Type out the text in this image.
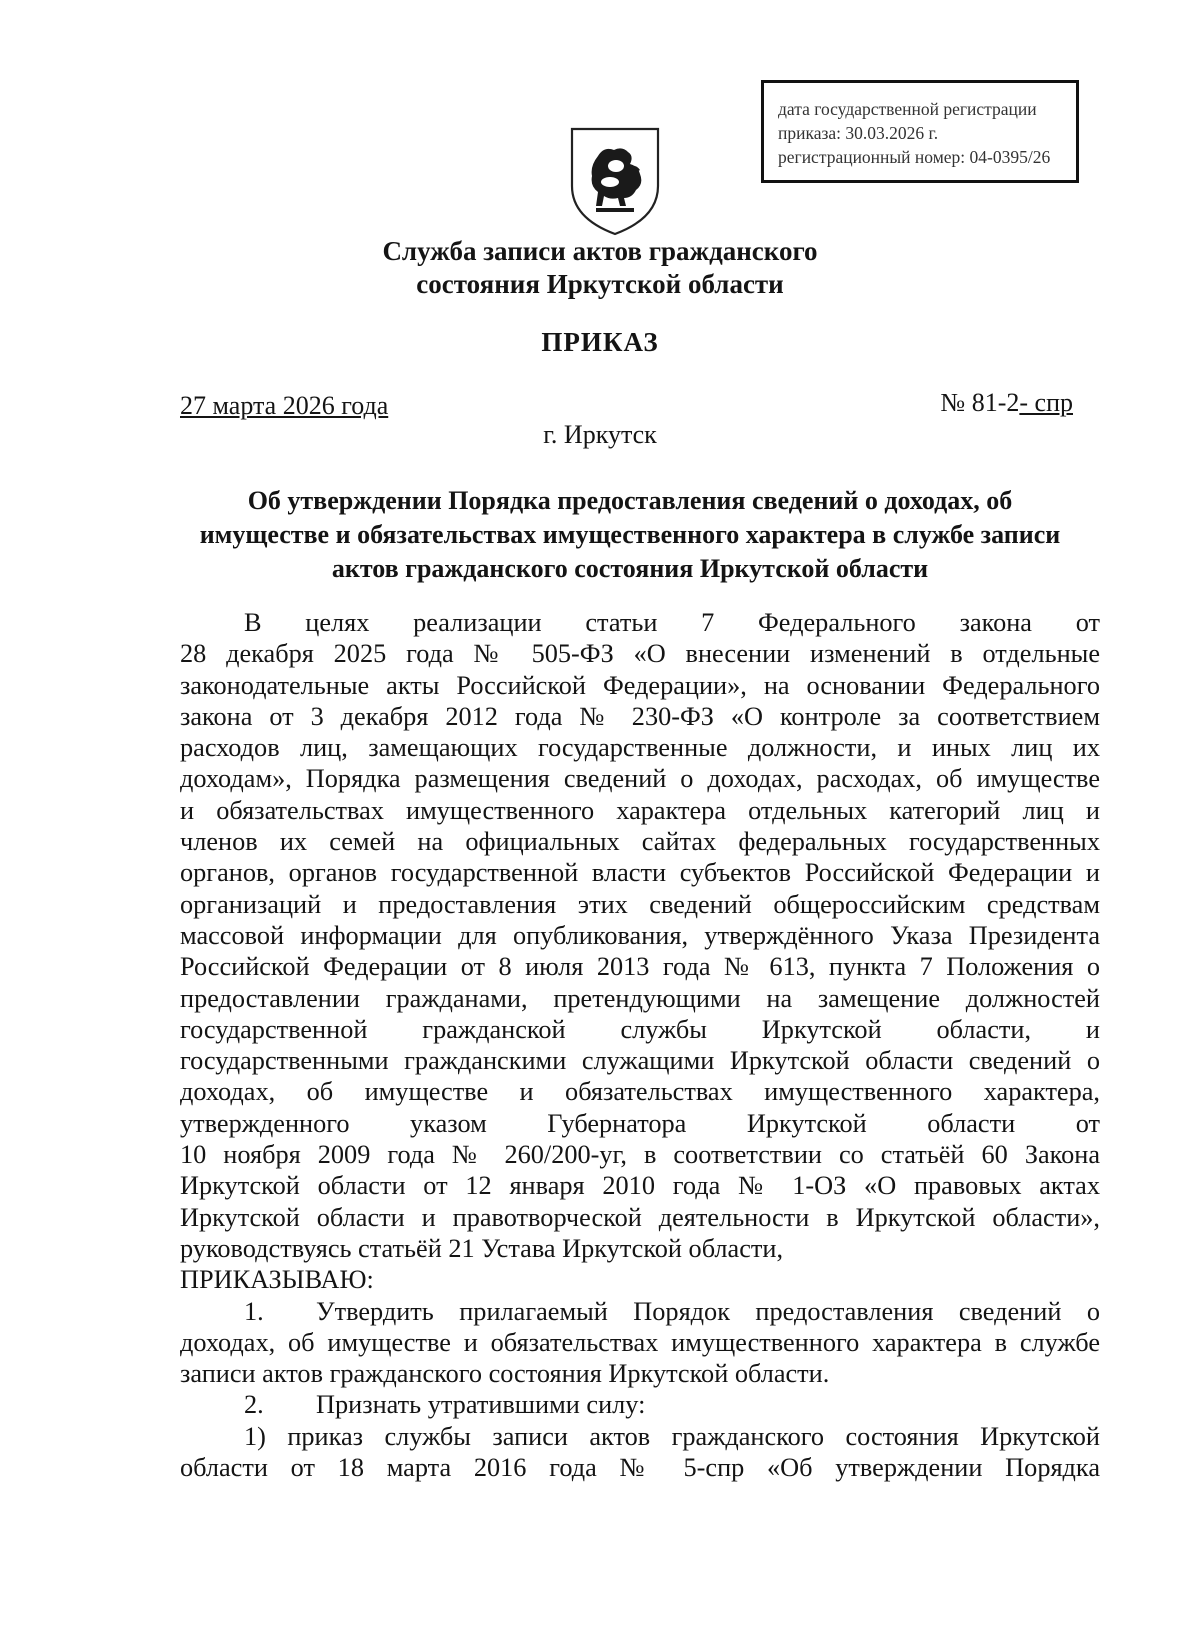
дата государственной регистрации
приказа: 30.03.2026 г.
регистрационный номер: 04-0395/26
Служба записи актов гражданского
состояния Иркутской области
ПРИКАЗ
27 марта 2026 года	№ 81-2- спр
г. Иркутск
Об утверждении Порядка предоставления сведений о доходах, об
имуществе и обязательствах имущественного характера в службе записи
актов гражданского состояния Иркутской области

В целях реализации статьи 7 Федерального закона от

28 декабря 2025 года № 505-ФЗ «О внесении изменений в отдельные

законодательные акты Российской Федерации», на основании Федерального

закона от 3 декабря 2012 года № 230-ФЗ «О контроле за соответствием

расходов лиц, замещающих государственные должности, и иных лиц их

доходам», Порядка размещения сведений о доходах, расходах, об имуществе

и обязательствах имущественного характера отдельных категорий лиц и

членов их семей на официальных сайтах федеральных государственных

органов, органов государственной власти субъектов Российской Федерации и

организаций и предоставления этих сведений общероссийским средствам

массовой информации для опубликования, утверждённого Указа Президента

Российской Федерации от 8 июля 2013 года № 613, пункта 7 Положения о

предоставлении гражданами, претендующими на замещение должностей

государственной гражданской службы Иркутской области, и

государственными гражданскими служащими Иркутской области сведений о

доходах, об имуществе и обязательствах имущественного характера,

утвержденного указом Губернатора Иркутской области от

10 ноября 2009 года № 260/200-уг, в соответствии со статьёй 60 Закона

Иркутской области от 12 января 2010 года № 1-ОЗ «О правовых актах

Иркутской области и правотворческой деятельности в Иркутской области»,

руководствуясь статьёй 21 Устава Иркутской области,

ПРИКАЗЫВАЮ:

1. Утвердить прилагаемый Порядок предоставления сведений о

доходах, об имуществе и обязательствах имущественного характера в службе

записи актов гражданского состояния Иркутской области.

2. Признать утратившими силу:

1) приказ службы записи актов гражданского состояния Иркутской

области от 18 марта 2016 года № 5-спр «Об утверждении Порядка
